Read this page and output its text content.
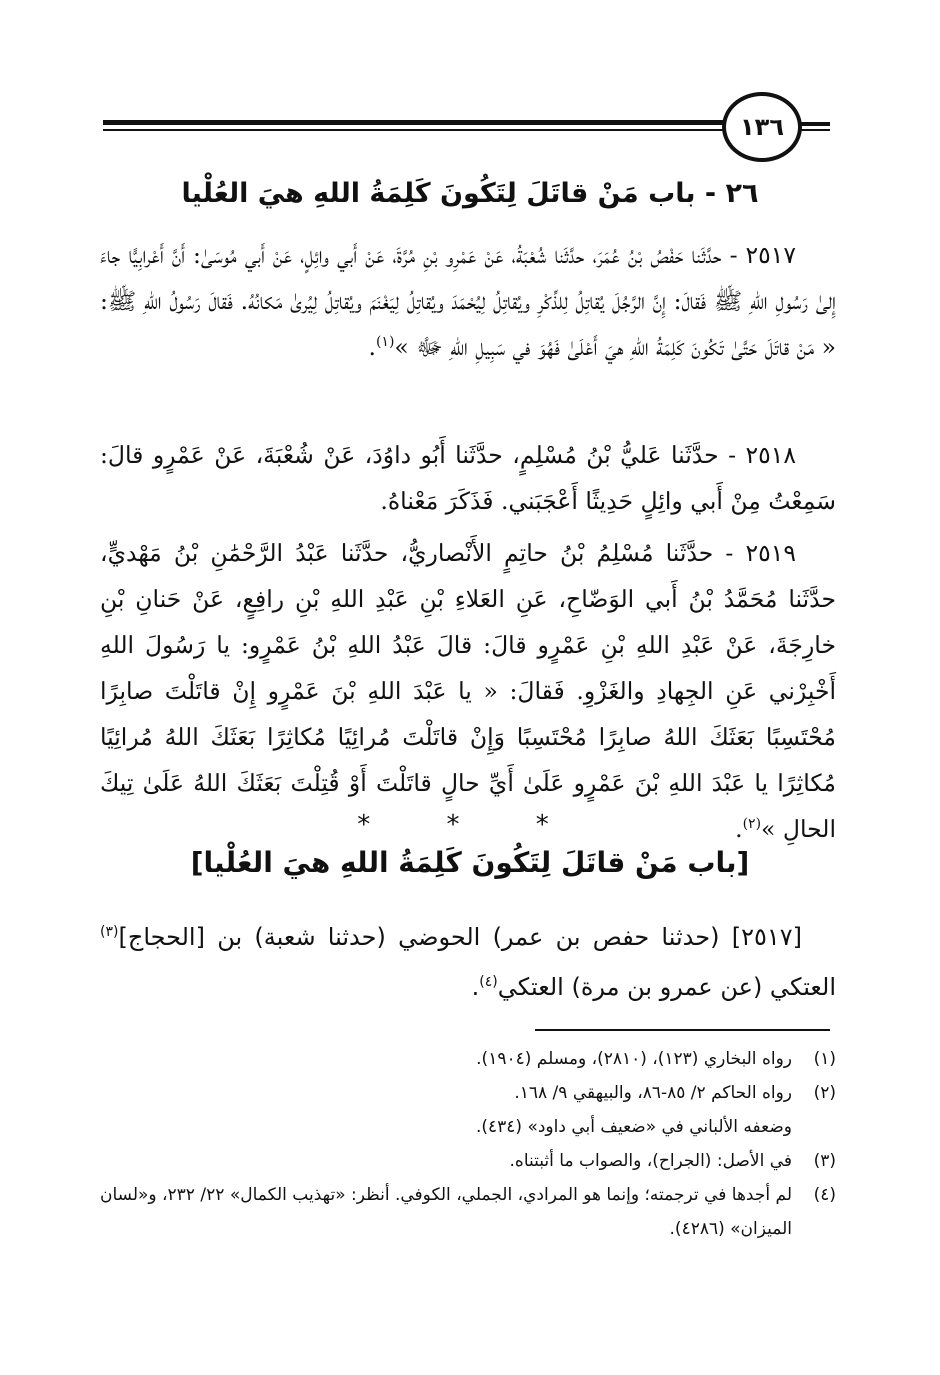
١٣٦
٢٦ - باب مَنْ قاتَلَ لِتَكُونَ كَلِمَةُ اللهِ هيَ العُلْيا

٢٥١٧ - حدَّثَنا حَفْصُ بْنُ عُمَرَ، حدَّثَنا شُعْبَةُ، عَنْ عَمْرِو بْنِ مُرَّةَ، عَنْ أَبي وائِلٍ، عَنْ أَبي مُوسَىٰ: أَنَّ أَعْرابِيًّا جاءَ إِلىٰ رَسُولِ اللهِ ﷺ فَقالَ: إِنَّ الرَّجُلَ يُقاتِلُ لِلذِّكْرِ ويُقاتِلُ لِيُحْمَدَ ويُقاتِلُ لِيَغْنَمَ ويُقاتِلُ لِيُرىٰ مَكانُهُ. فَقالَ رَسُولُ اللهِ ﷺ: « مَنْ قاتَلَ حَتَّىٰ تَكُونَ كَلِمَةُ اللهِ هيَ أَعْلَىٰ فَهُوَ في سَبِيلِ اللهِ ﷻ »$^{(١)}$.

٢٥١٨ - حدَّثَنا عَليُّ بْنُ مُسْلِمٍ، حدَّثَنا أَبُو داوُدَ، عَنْ شُعْبَةَ، عَنْ عَمْرٍو قالَ: سَمِعْتُ مِنْ أَبي وائِلٍ حَدِيثًا أَعْجَبَني. فَذَكَرَ مَعْناهُ.

٢٥١٩ - حدَّثَنا مُسْلِمُ بْنُ حاتِمٍ الأَنْصاريُّ، حدَّثَنا عَبْدُ الرَّحْمَٰنِ بْنُ مَهْديٍّ، حدَّثَنا مُحَمَّدُ بْنُ أَبي الوَضّاحِ، عَنِ العَلاءِ بْنِ عَبْدِ اللهِ بْنِ رافِعٍ، عَنْ حَنانِ بْنِ خارِجَةَ، عَنْ عَبْدِ اللهِ بْنِ عَمْرٍو قالَ: قالَ عَبْدُ اللهِ بْنُ عَمْرٍو: يا رَسُولَ اللهِ أَخْبِرْني عَنِ الجِهادِ والغَزْوِ. فَقالَ: « يا عَبْدَ اللهِ بْنَ عَمْرٍو إِنْ قاتَلْتَ صابِرًا مُحْتَسِبًا بَعَثَكَ اللهُ صابِرًا مُحْتَسِبًا وَإِنْ قاتَلْتَ مُرائِيًا مُكاثِرًا بَعَثَكَ اللهُ مُرائِيًا مُكاثِرًا يا عَبْدَ اللهِ بْنَ عَمْرٍو عَلَىٰ أَيِّ حالٍ قاتَلْتَ أَوْ قُتِلْتَ بَعَثَكَ اللهُ عَلَىٰ تِيكَ الحالِ »$^{(٢)}$.

* * *
[باب مَنْ قاتَلَ لِتَكُونَ كَلِمَةُ اللهِ هيَ العُلْيا]

[٢٥١٧] (حدثنا حفص بن عمر) الحوضي (حدثنا شعبة) بن [الحجاج]$^{(٣)}$ العتكي (عن عمرو بن مرة) العتكي$^{(٤)}$.

(١)
رواه البخاري (١٢٣)، (٢٨١٠)، ومسلم (١٩٠٤).
(٢)
رواه الحاكم ٢/ ٨٥-٨٦، والبيهقي ٩/ ١٦٨.
وضعفه الألباني في «ضعيف أبي داود» (٤٣٤).
(٣)
في الأصل: (الجراح)، والصواب ما أثبتناه.
(٤)
لم أجدها في ترجمته؛ وإنما هو المرادي، الجملي، الكوفي. أنظر: «تهذيب الكمال» ٢٢/ ٢٣٢، و«لسان الميزان» (٤٢٨٦).
